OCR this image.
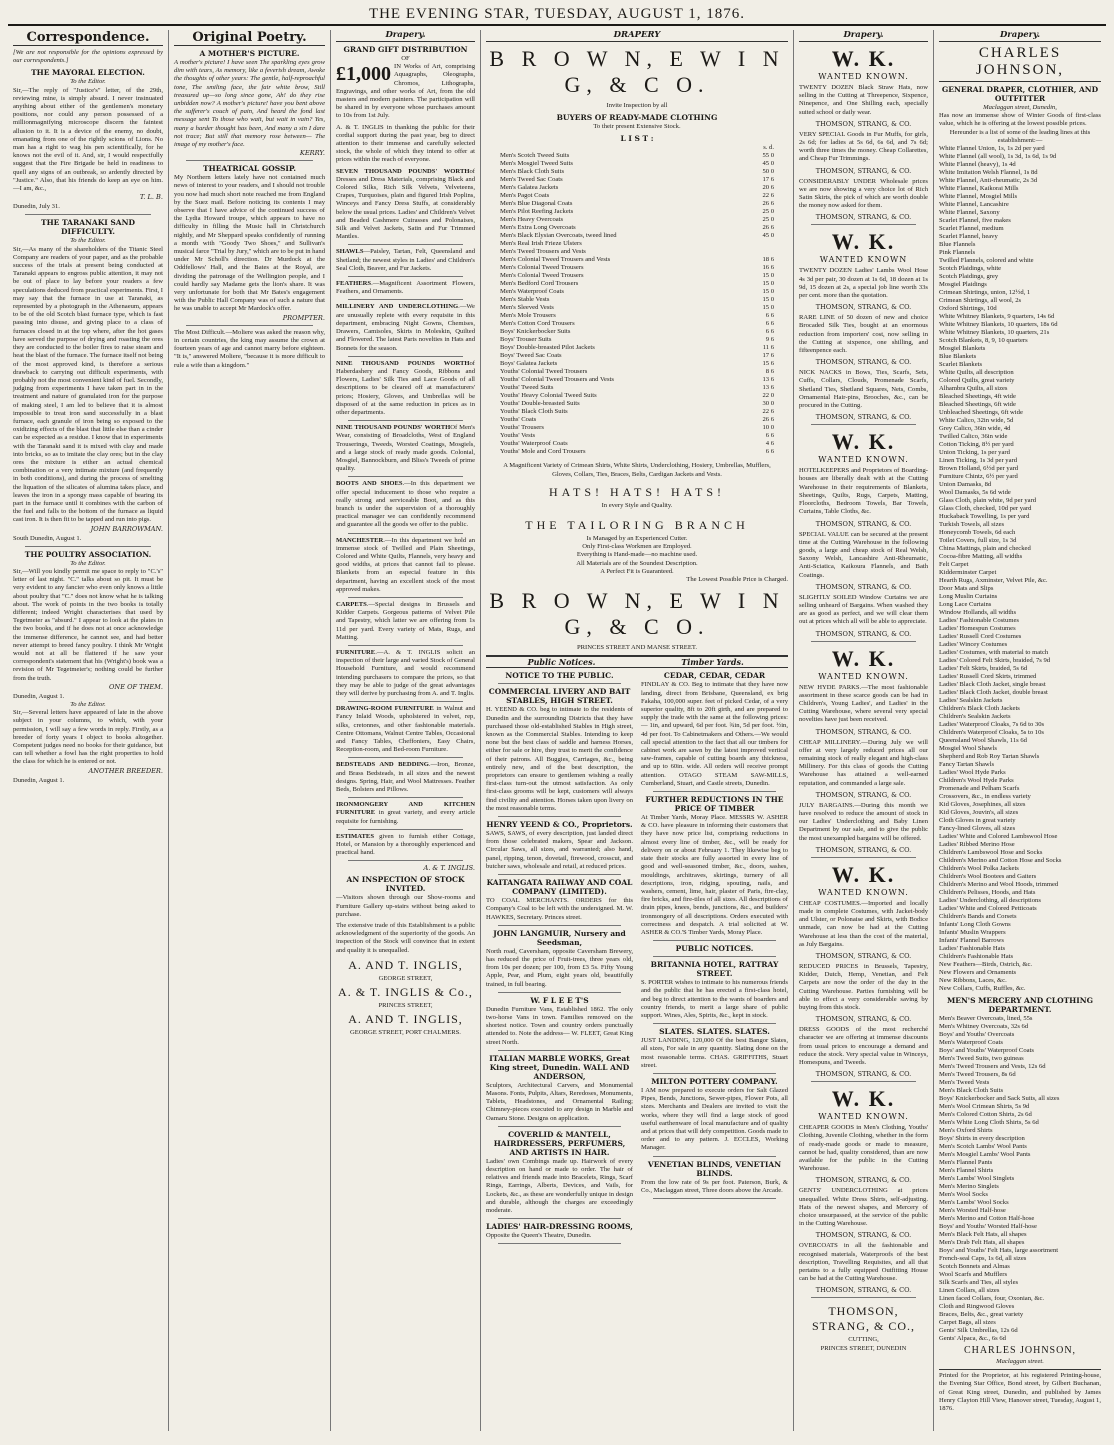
THE EVENING STAR, TUESDAY, AUGUST 1, 1876.
Correspondence.
[We are not responsible for the opinions expressed by our correspondents.]
THE MAYORAL ELECTION.
To the Editor.
Sir,—The reply of "Justice's" letter, of the 29th, reviewing mine, is simply absurd. I never insinuated anything about either of the gentlemen's monetary positions, nor could any person possessed of a millionmagnifying microscope discern the faintest allusion to it. It is a device of the enemy, no doubt, emanating from one of the rightly scions of Lions. No man has a right to wag his pen scientifically, for he knows not the evil of it. And, sir, I would respectfully suggest that the Fire Brigade be held in readiness to quell any signs of an outbreak, so ardently directed by "Justice." Also, that his friends do keep an eye on him.—I am, &c.,
T. L. B.
Dunedin, July 31.
THE TARANAKI SAND DIFFICULTY.
To the Editor.
Sir,—As many of the shareholders of the Titanic Steel Company are readers of your paper, and as the probable success of the trials at present being conducted at Taranaki appears to engross public attention, it may not be out of place to lay before your readers a few speculations deduced from practical experiments. First, I may say that the furnace in use at Taranaki, as represented by a photograph in the Athenaeum, appears to be of the old Scotch blast furnace type, which is fast passing into disuse, and giving place to a class of furnaces closed in at the top where, after the hot gases have served the purpose of drying and roasting the ores they are conducted to the boiler fires to raise steam and heat the blast of the furnace. The furnace itself not being of the most approved kind, is therefore a serious drawback to carrying out difficult experiments, with probably not the most convenient kind of fuel. Secondly, judging from experiments I have taken part in in the treatment and nature of granulated iron for the purpose of making steel, I am led to believe that it is almost impossible to treat iron sand successfully in a blast furnace, each granule of iron being so exposed to the oxidizing effects of the blast that little else than a cinder can be expected as a residue. I know that in experiments with the Taranaki sand it is mixed with clay and made into bricks, so as to imitate the clay ores; but in the clay ores the mixture is either an actual chemical combination or a very intimate mixture (and frequently in both conditions), and during the process of smelting the liquation of the silicates of alumina takes place, and leaves the iron in a spongy mass capable of bearing its part in the furnace until it combines with the carbon of the fuel and falls to the bottom of the furnace as liquid cast iron. It is then fit to be tapped and run into pigs.
JOHN BARROWMAN.
South Dunedin, August 1.
THE POULTRY ASSOCIATION.
To the Editor.
Sir,—Will you kindly permit me space to reply to "C.'s" letter of last night. "C." talks about so pit. It must be very evident to any fancier who even only knows a little about poultry that "C." does not know what he is talking about. The work of points in the two books is totally different; indeed Wright characterises that used by Tegetmeier as "absurd." I appear to look at the plates in the two books, and if he does not at once acknowledge the immense difference, he cannot see, and had better never attempt to breed fancy poultry. I think Mr Wright would not at all be flattered if he saw your correspondent's statement that his (Wright's) book was a revision of Mr Tegetmeier's; nothing could be further from the truth.
ONE OF THEM.
Dunedin, August 1.
To the Editor.
Sir,—Several letters have appeared of late in the above subject in your columns, to which, with your permission, I will say a few words in reply. Firstly, as a breeder of forty years I object to books altogether. Competent judges need no books for their guidance, but can tell whether a fowl has the right properties to hold the class for which he is entered or not.
ANOTHER BREEDER.
Dunedin, August 1.
Original Poetry.
A MOTHER'S PICTURE.
A mother's picture! I have seen The sparkling eyes grow dim with tears, As memory, like a feverish dream, Awoke the thoughts of other years: The gentle, half-reproachful tone, The smiling face, the fair white brow, Still treasured up—so long since gone, Ah! do they rise unbidden now? A mother's picture! have you bent above the sufferer's couch of pain, And heard the fond last message sent To those who wait, but wait in vain? Yes, many a harder thought has been, And many a sin I dare not trace; But still that memory rose between— The image of my mother's face.
KERRY.
THEATRICAL GOSSIP.
My Northern letters lately have not contained much news of interest to your readers, and I should not trouble you now had much short note reached me from England by the Suez mail. Before noticing its contents I may observe that I have advice of the continued success of the Lydia Howard troupe, which appears to have no difficulty in filling the Music hall in Christchurch nightly, and Mr Sheppard speaks confidently of running a month with "Goody Two Shoes," and Sullivan's musical farce "Trial by Jury," which are to be put in hand under Mr Scholl's direction. Dr Murdock at the Oddfellows' Hall, and the Bates at the Royal, are dividing the patronage of the Wellington people, and I could hardly say Madame gets the lion's share. It was very unfortunate for both that Mr Bates's engagement with the Public Hall Company was of such a nature that he was unable to accept Mr Mardock's offer.
PROMPTER.
The Most Difficult.—Moliere was asked the reason why, in certain countries, the king may assume the crown at fourteen years of age and cannot marry before eighteen. "It is," answered Moliere, "because it is more difficult to rule a wife than a kingdom."
Drapery.
GRAND GIFT DISTRIBUTION
OF
£1,000 IN Works of Art, comprising Aquagraphs, Oleographs, Chromos, Lithographs, Engravings, and other works of Art, from the old masters and modern painters. The participation will be shared in by everyone whose purchases amount to 10s from 1st July.
A. & T. INGLIS in thanking the public for their cordial support during the past year, beg to direct attention to their immense and carefully selected stock, the whole of which they intend to offer at prices within the reach of everyone.
SEVEN THOUSAND POUNDS' WORTHof Dresses and Dress Materials, comprising Black and Colored Silks, Rich Silk Velvets, Velveteens, Crapes, Turquoises, plain and figured Irish Poplins, Winceys and Fancy Dress Stuffs, at considerably below the usual prices. Ladies' and Children's Velvet and Beaded Cashmere Cuirasses and Polonaises, Silk and Velvet Jackets, Satin and Fur Trimmed Mantles.
SHAWLS—Paisley, Tartan, Felt, Queensland and Shetland; the newest styles in Ladies' and Children's Seal Cloth, Beaver, and Fur Jackets.
FEATHERS.—Magnificent Assortment Flowers, Feathers, and Ornaments.
MILLINERY AND UNDERCLOTHING.—We are unusually replete with every requisite in this department, embracing Night Gowns, Chemises, Drawers, Camisoles, Skirts in Moleskin, Quilted and Flowered. The latest Paris novelties in Hats and Bonnets for the season.
NINE THOUSAND POUNDS WORTHof Haberdashery and Fancy Goods, Ribbons and Flowers, Ladies' Silk Ties and Lace Goods of all descriptions to be cleared off at manufacturers' prices; Hosiery, Gloves, and Umbrellas will be disposed of at the same reduction in prices as in other departments.
NINE THOUSAND POUNDS' WORTHOf Men's Wear, consisting of Broadcloths, West of England Trouserings, Tweeds, Worsted Coatings, Mosgiels, and a large stock of ready made goods. Colonial, Mosgiel, Bannockburn, and Bliss's Tweeds of prime quality.
BOOTS AND SHOES.—In this department we offer special inducement to those who require a really strong and serviceable Boot, and as this branch is under the supervision of a thoroughly practical manager we can confidently recommend and guarantee all the goods we offer to the public.
MANCHESTER.—In this department we hold an immense stock of Twilled and Plain Sheetings, Colored and White Quilts, Flannels, very heavy and good widths, at prices that cannot fail to please. Blankets from an especial feature in this department, having an excellent stock of the most approved makes.
CARPETS.—Special designs in Brussels and Kidder Carpets. Gorgeous patterns of Velvet Pile and Tapestry, which latter we are offering from 1s 11d per yard. Every variety of Mats, Rugs, and Matting.
FURNITURE.—A. & T. INGLIS solicit an inspection of their large and varied Stock of General Household Furniture, and would recommend intending purchasers to compare the prices, so that they may be able to judge of the great advantages they will derive by purchasing from A. and T. Inglis.
DRAWING-ROOM FURNITURE in Walnut and Fancy Inlaid Woods, upholstered in velvet, rep, silks, cretonnes, and other fashionable materials. Centre Ottomans, Walnut Centre Tables, Occasional and Fancy Tables, Cheffoniers, Easy Chairs, Reception-room, and Bed-room Furniture.
BEDSTEADS AND BEDDING.—Iron, Bronze, and Brass Bedsteads, in all sizes and the newest designs. Spring, Hair, and Wool Mattresses. Feather Beds, Bolsters and Pillows.
IRONMONGERY AND KITCHEN FURNITURE in great variety, and every article requisite for furnishing.
ESTIMATES given to furnish either Cottage, Hotel, or Mansion by a thoroughly experienced and practical hand.
A. & T. INGLIS.
AN INSPECTION OF STOCK INVITED.
—Visitors shown through our Show-rooms and Furniture Gallery up-stairs without being asked to purchase.
The extensive trade of this Establishment is a public acknowledgment of the superiority of the goods. An inspection of the Stock will convince that in extent and quality it is unequalled.
A. AND T. INGLIS,
GEORGE STREET,
A. & T. INGLIS & Co.,
PRINCES STREET,
A. AND T. INGLIS,
GEORGE STREET, PORT CHALMERS.
DRAPERY
B R O W N, E W I N G, & C O.
Invite Inspection by all
BUYERS OF READY-MADE CLOTHING
To their present Extensive Stock.
L I S T :
s. d.
Men's Scotch Tweed Suits	55 0
Men's Mosgiel Tweed Suits	45 0
Men's Black Cloth Suits	50 0
Men's Tweed Sac Coats	17 6
Men's Galatea Jackets	20 6
Men's Pagot Coats	22 6
Men's Blue Diagonal Coats	26 6
Men's Pilot Reefing Jackets	25 0
Men's Heavy Overcoats	25 0
Men's Extra Long Overcoats	26 6
Men's Black Elysian Overcoats, tweed lined	45 0
Men's Real Irish Frieze Ulsters
Men's Tweed Trousers and Vests
Men's Colonial Tweed Trousers and Vests	18 6
Men's Colonial Tweed Trousers	16 6
Men's Colonial Tweed Trousers	15 0
Men's Bedford Cord Trousers	15 0
Men's Waterproof Coats	15 0
Men's Stable Vests	15 0
Men's Sleeved Vests	15 0
Men's Mole Trousers	6 6
Men's Cotton Cord Trousers	6 6
Boys' Knickerbocker Suits	6 6
Boys' Trouser Suits	9 6
Boys' Double-breasted Pilot Jackets	11 6
Boys' Tweed Sac Coats	17 6
Boys' Galatea Jackets	15 6
Youths' Colonial Tweed Trousers	8 6
Youths' Colonial Tweed Trousers and Vests	13 6
Youths' Tweed Suits	13 6
Youths' Heavy Colonial Tweed Suits	22 0
Youths' Double-breasted Suits	30 0
Youths' Black Cloth Suits	22 6
Youths' Coats	26 6
Youths' Trousers	10 0
Youths' Vests	6 6
Youths' Waterproof Coats	4 6
Youths' Mole and Cord Trousers	6 6
A Magnificent Variety of Crimean Shirts, White Shirts, Underclothing, Hosiery, Umbrellas, Mufflers, Gloves, Collars, Ties, Braces, Belts, Cardigan Jackets and Vests.
HATS! HATS! HATS!
In every Style and Quality.
THE TAILORING BRANCH
Is Managed by an Experienced Cutter.
Only First-class Workmen are Employed.
Everything is Hand-made—no machine used.
All Materials are of the Soundest Description.
A Perfect Fit is Guaranteed.
The Lowest Possible Price is Charged.
B R O W N, E W I N G, & C O.
PRINCES STREET AND MANSE STREET.
Public Notices.	Timber Yards.
NOTICE TO THE PUBLIC.
COMMERCIAL LIVERY AND BAIT STABLES, HIGH STREET.
H. YEEND & CO. beg to intimate to the residents of Dunedin and the surrounding Districts that they have purchased those old-established Stables in High street, known as the Commercial Stables. Intending to keep none but the best class of saddle and harness Horses, either for sale or hire, they trust to merit the confidence of their patrons. All Buggies, Carriages, &c., being entirely new, and of the best description, the proprietors can ensure to gentlemen wishing a really first-class turn-out the utmost satisfaction. As only first-class grooms will be kept, customers will always find civility and attention. Horses taken upon livery on the most reasonable terms.
HENRY YEEND & CO., Proprietors.
SAWS, SAWS, of every description, just landed direct from those celebrated makers, Spear and Jackson. Circular Saws, all sizes, and warranted; also hand, panel, ripping, tenon, dovetail, firewood, crosscut, and butcher saws, wholesale and retail, at reduced prices.
KAITANGATA RAILWAY AND COAL COMPANY (LIMITED).
TO COAL MERCHANTS. ORDERS for this Company's Coal to be left with the undersigned. M. W. HAWKES, Secretary. Princes street.
JOHN LANGMUIR, Nursery and Seedsman,
North road, Caversham, opposite Caversham Brewery, has reduced the price of Fruit-trees, three years old, from 10s per dozen; per 100, from £3 5s. Fifty Young Apple, Pear, and Plum, eight years old, beautifully trained, in full bearing.
W. F L E E T'S
Dunedin Furniture Vans, Established 1862. The only two-horse Vans in town. Families removed on the shortest notice. Town and country orders punctually attended to. Note the address— W. FLEET, Great King street North.
ITALIAN MARBLE WORKS, Great King street, Dunedin. WALL AND ANDERSON,
Sculptors, Architectural Carvers, and Monumental Masons. Fonts, Pulpits, Altars, Reredoses, Monuments, Tablets, Headstones, and Ornamental Railing; Chimney-pieces executed to any design in Marble and Oamaru Stone. Designs on application.
COVERLID & MANTELL, HAIRDRESSERS, PERFUMERS, AND ARTISTS IN HAIR.
Ladies' own Combings made up. Hairwork of every description on hand or made to order. The hair of relatives and friends made into Bracelets, Rings, Scarf Rings, Earrings, Alberts, Devices, and Vails, for Lockets, &c., as these are wonderfully unique in design and durable, although the charges are exceedingly moderate.
LADIES' HAIR-DRESSING ROOMS,
Opposite the Queen's Theatre, Dunedin.
CEDAR, CEDAR, CEDAR
FINDLAY & CO. Beg to intimate that they have now landing, direct from Brisbane, Queensland, ex brig Fakaha, 100,000 super. feet of picked Cedar, of a very superior quality, 8ft to 20ft girth, and are prepared to supply the trade with the same at the following prices:— 1in, and upward, 6d per foot. ¾in, 5d per foot. ½in, 4d per foot. To Cabinetmakers and Others.—We would call special attention to the fact that all our timbers for cabinet work are sawn by the latest improved vertical saw-frames, capable of cutting boards any thickness, and up to 60in. wide. All orders will receive prompt attention. OTAGO STEAM SAW-MILLS, Cumberland, Stuart, and Castle streets, Dunedin.
FURTHER REDUCTIONS IN THE PRICE OF TIMBER
At Timber Yards, Moray Place. MESSRS W. ASHER & CO. have pleasure in informing their customers that they have now price list, comprising reductions in almost every line of timber, &c., will be ready for delivery on or about February 1. They likewise beg to state their stocks are fully assorted in every line of good and well-seasoned timber, &c., doors, sashes, mouldings, architraves, skirtings, turnery of all descriptions, iron, ridging, spouting, nails, and washers, cement, lime, hair, plaster of Paris, fire-clay, fire bricks, and fire-tiles of all sizes. All descriptions of drain pipes, knees, bends, junctions, &c., and builders' ironmongery of all descriptions. Orders executed with correctness and despatch. A trial solicited at W. ASHER & CO.'S Timber Yards, Moray Place.
PUBLIC NOTICES.
BRITANNIA HOTEL, RATTRAY STREET.
S. PORTER wishes to intimate to his numerous friends and the public that he has erected a first-class hotel, and beg to direct attention to the wants of boarders and country friends, to merit a large share of public support. Wines, Ales, Spirits, &c., kept in stock.
SLATES. SLATES. SLATES.
JUST LANDING, 120,000 Of the best Bangor Slates, all sizes, For sale in any quantity. Slating done on the most reasonable terms. CHAS. GRIFFITHS, Stuart street.
MILTON POTTERY COMPANY.
I AM now prepared to execute orders for Salt Glazed Pipes, Bends, Junctions, Sewer-pipes, Flower Pots, all sizes. Merchants and Dealers are invited to visit the works, where they will find a large stock of good useful earthenware of local manufacture and of quality and at prices that will defy competition. Goods made to order and to any pattern. J. ECCLES, Working Manager.
VENETIAN BLINDS, VENETIAN BLINDS.
From the low rate of 9s per foot. Paterson, Burk, & Co., Maclaggan street, Three doors above the Arcade.
Drapery.
W. K.
WANTED KNOWN.
TWENTY DOZEN Black Straw Hats, now selling in the Cutting at Threepence, Sixpence, Ninepence, and One Shilling each, specially suited school or daily wear.
THOMSON, STRANG, & CO.
VERY SPECIAL Goods in Fur Muffs, for girls, 2s 6d; for ladies at 5s 6d, 6s 6d, and 7s 6d; worth three times the money. Cheap Collarettes, and Cheap Fur Trimmings.
THOMSON, STRANG, & CO.
CONSIDERABLY UNDER Wholesale prices we are now showing a very choice lot of Rich Satin Skirts, the pick of which are worth double the money now asked for them.
THOMSON, STRANG, & CO.
W. K.
WANTED KNOWN
TWENTY DOZEN Ladies' Lambs Wool Hose 4s 3d per pair, 30 dozen at 1s 6d, 18 dozen at 1s 9d, 15 dozen at 2s, a special job line worth 33s per cent. more than the quotation.
THOMSON, STRANG, & CO.
RARE LINE of 50 dozen of new and choice Brocaded Silk Ties, bought at an enormous reduction from importers' cost, now selling in the Cutting at sixpence, one shilling, and fifteenpence each.
THOMSON, STRANG, & CO.
NICK NACKS in Bows, Ties, Scarfs, Sets, Cuffs, Collars, Clouds, Promenade Scarfs, Shetland Ties, Shetland Squares, Nets, Combs, Ornamental Hair-pins, Brooches, &c., can be procured in the Cutting.
THOMSON, STRANG, & CO.
W. K.
WANTED KNOWN.
HOTELKEEPERS and Proprietors of Boarding-houses are liberally dealt with at the Cutting Warehouse in their requirements of Blankets, Sheetings, Quilts, Rugs, Carpets, Matting, Floorcloths, Bedroom Towels, Bar Towels, Curtains, Table Cloths, &c.
THOMSON, STRANG, & CO.
SPECIAL VALUE can be secured at the present time at the Cutting Warehouse in the following goods, a large and cheap stock of Real Welsh, Saxony Welsh, Lancashire Anti-Rheumatic, Anti-Sciatica, Kaikoura Flannels, and Bath Coatings.
THOMSON, STRANG, & CO.
SLIGHTLY SOILED Window Curtains we are selling unheard of Bargains. When washed they are as good as perfect, and we will clear them out at prices which all will be able to appreciate.
THOMSON, STRANG, & CO.
W. K.
WANTED KNOWN.
NEW HYDE PARKS.—The most fashionable assortment in these scarce goods can be had in Children's, Young Ladies', and Ladies' in the Cutting Warehouse, where several very special novelties have just been received.
THOMSON, STRANG, & CO.
CHEAP MILLINERY.—During July we will offer at very largely reduced prices all our remaining stock of really elegant and high-class Millinery. For this class of goods the Cutting Warehouse has attained a well-earned reputation, and commanded a large sale.
THOMSON, STRANG, & CO.
JULY BARGAINS.—During this month we have resolved to reduce the amount of stock in our Ladies' Underclothing and Baby Linen Department by our sale, and to give the public the most unexampled bargains will be offered.
THOMSON, STRANG, & CO.
W. K.
WANTED KNOWN.
CHEAP COSTUMES.—Imported and locally made in complete Costumes, with Jacket-body and Ulster, or Polonaise and Skirts, with Bodice unmade, can now be had at the Cutting Warehouse at less than the cost of the material, as July Bargains.
THOMSON, STRANG, & CO.
REDUCED PRICES in Brussels, Tapestry, Kidder, Dutch, Hemp, Venetian, and Felt Carpets are now the order of the day in the Cutting Warehouse. Parties furnishing will be able to effect a very considerable saving by buying from this stock.
THOMSON, STRANG, & CO.
DRESS GOODS of the most recherché character we are offering at immense discounts from usual prices to encourage a demand and reduce the stock. Very special value in Winceys, Homespuns, and Tweeds.
THOMSON, STRANG, & CO.
W. K.
WANTED KNOWN.
CHEAPER GOODS in Men's Clothing, Youths' Clothing, Juvenile Clothing, whether in the form of ready-made goods or made to measure, cannot be had, quality considered, than are now available for the public in the Cutting Warehouse.
THOMSON, STRANG, & CO.
GENTS' UNDERCLOTHING at prices unequalled. White Dress Shirts, self-adjusting. Hats of the newest shapes, and Mercery of choice unsurpassed, at the service of the public in the Cutting Warehouse.
THOMSON, STRANG, & CO.
OVERCOATS in all the fashionable and recognised materials, Waterproofs of the best description, Travelling Requisites, and all that pertains to a fully equipped Outfitting House can be had at the Cutting Warehouse.
THOMSON, STRANG, & CO.
THOMSON, STRANG, & CO.,
CUTTING,
PRINCES STREET, DUNEDIN
Drapery.
CHARLES JOHNSON,
GENERAL DRAPER, CLOTHIER, AND OUTFITTER
Maclaggan street, Dunedin,
Has now an immense show of Winter Goods of first-class value, which he is offering at the lowest possible prices.
Hereunder is a list of some of the leading lines at this establishment:—
White Flannel Union, 1s, 1s 2d per yard
White Flannel (all wool), 1s 3d, 1s 6d, 1s 9d
White Flannel (heavy), 1s 4d
White Imitation Welsh Flannel, 1s 8d
White Flannel, Anti-rheumatic, 2s 3d
White Flannel, Kaikorai Mills
White Flannel, Mosgiel Mills
White Flannel, Lancashire
White Flannel, Saxony
Scarlet Flannel, five makes
Scarlet Flannel, medium
Scarlet Flannel, heavy
Blue Flannels
Pink Flannels
Twilled Flannels, colored and white
Scotch Plaidings, white
Scotch Plaidings, grey
Mosgiel Plaidings
Crimean Shirtings, union, 12½d, 1
Crimean Shirtings, all wool, 2s
Oxford Shirtings, 10d
White Whitney Blankets, 9 quarters, 14s 6d
White Whitney Blankets, 10 quarters, 18s 6d
White Whitney Blankets, 10 quarters, 21s
Scotch Blankets, 8, 9, 10 quarters
Mosgiel Blankets
Blue Blankets
Scarlet Blankets
White Quilts, all description
Colored Quilts, great variety
Alhambra Quilts, all sizes
Bleached Sheetings, 4ft wide
Bleached Sheetings, 6ft wide
Unbleached Sheetings, 6ft wide
White Calico, 32in wide, 5d
Grey Calico, 36in wide, 4d
Twilled Calico, 36in wide
Cotton Ticking, 8½ per yard
Union Ticking, 1s per yard
Linen Ticking, 1s 3d per yard
Brown Holland, 6½d per yard
Furniture Chintz, 6½ per yard
Union Damasks, 8d
Wool Damasks, 5s 6d wide
Glass Cloth, plain white, 9d per yard
Glass Cloth, checked, 10d per yard
Huckaback Towelling, 1s per yard
Turkish Towels, all sizes
Honeycomb Towels, 6d each
Toilet Covers, full size, 1s 3d
China Mattings, plain and checked
Cocoa-fibre Matting, all widths
Felt Carpet
Kidderminster Carpet
Hearth Rugs, Axminster, Velvet Pile, &c.
Door Mats and Slips
Long Muslin Curtains
Long Lace Curtains
Window Hollands, all widths
Ladies' Fashionable Costumes
Ladies' Homespun Costumes
Ladies' Russell Cord Costumes
Ladies' Wincey Costumes
Ladies' Costumes, with material to match
Ladies' Colored Felt Skirts, braided, 7s 9d
Ladies' Felt Skirts, braided, 5s 6d
Ladies' Russell Cord Skirts, trimmed
Ladies' Black Cloth Jacket, single breast
Ladies' Black Cloth Jacket, double breast
Ladies' Sealskin Jackets
Children's Black Cloth Jackets
Children's Sealskin Jackets
Ladies' Waterproof Cloaks, 7s 6d to 30s
Children's Waterproof Cloaks, 5s to 10s
Queensland Wool Shawls, 11s 6d
Mosgiel Wool Shawls
Shepherd and Rob Roy Tartan Shawls
Fancy Tartan Shawls
Ladies' Wool Hyde Parks
Children's Wool Hyde Parks
Promenade and Pelham Scarfs
Crossovers, &c., in endless variety
Kid Gloves, Josephines, all sizes
Kid Gloves, Jouvin's, all sizes
Cloth Gloves in great variety
Fancy-lined Gloves, all sizes
Ladies' White and Colored Lambswool Hose
Ladies' Ribbed Merino Hose
Children's Lambswool Hose and Socks
Children's Merino and Cotton Hose and Socks
Children's Wool Polka Jackets
Children's Wool Bootees and Gaiters
Children's Merino and Wool Hoods, trimmed
Children's Pelisses, Hoods, and Hats
Ladies' Underclothing, all descriptions
Ladies' White and Colored Petticoats
Children's Bands and Corsets
Infants' Long Cloth Gowns
Infants' Muslin Wrappers
Infants' Flannel Barrows
Ladies' Fashionable Hats
Children's Fashionable Hats
New Feathers—Birds, Ostrich, &c.
New Flowers and Ornaments
New Ribbons, Laces, &c.
New Collars, Cuffs, Ruffles, &c.
MEN'S MERCERY AND CLOTHING DEPARTMENT.
Men's Beaver Overcoats, lined, 55s
Men's Whitney Overcoats, 32s 6d
Boys' and Youths' Overcoats
Men's Waterproof Coats
Boys' and Youths' Waterproof Coats
Men's Tweed Suits, two guineas
Men's Tweed Trousers and Vests, 12s 6d
Men's Tweed Trousers, 8s 6d
Men's Tweed Vests
Men's Black Cloth Suits
Boys' Knickerbocker and Sack Suits, all sizes
Men's Wool Crimean Shirts, 5s 9d
Men's Colored Cotton Shirts, 2s 6d
Men's White Long Cloth Shirts, 5s 6d
Men's Oxford Shirts
Boys' Shirts in every description
Men's Scotch Lambs' Wool Pants
Men's Mosgiel Lambs' Wool Pants
Men's Flannel Pants
Men's Flannel Shirts
Men's Lambs' Wool Singlets
Men's Merino Singlets
Men's Wool Socks
Men's Lambs' Wool Socks
Men's Worsted Half-hose
Men's Merino and Cotton Half-hose
Boys' and Youths' Worsted Half-hose
Men's Black Felt Hats, all shapes
Men's Drab Felt Hats, all shapes
Boys' and Youths' Felt Hats, large assortment
French-seal Caps, 1s 6d, all sizes
Scotch Bonnets and Almas
Wool Scarfs and Mufflers
Silk Scarfs and Ties, all styles
Linen Collars, all sizes
Linen faced Collars, four, Oxonian, &c.
Cloth and Ringwood Gloves
Braces, Belts, &c., great variety
Carpet Bags, all sizes
Gents' Silk Umbrellas, 12s 6d
Gents' Alpaca, &c., 6s 6d
CHARLES JOHNSON,
Maclaggan street.
Printed for the Proprietor, at his registered Printing-house, the Evening Star Office, Bond street, by Gilbert Buchanan, of Great King street, Dunedin, and published by James Henry Clayton Hill View, Hanover street, Tuesday, August 1, 1876.
